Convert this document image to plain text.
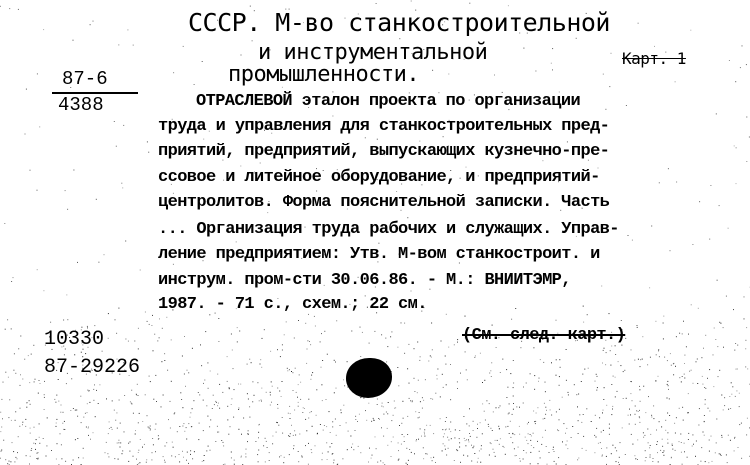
СССР. М-во станкостроительной
и инструментальной	Карт. 1
промышленности.
87-6
4388	ОТРАСЛЕВОЙ эталон проекта по организации
труда и управления для станкостроительных пред-
приятий, предприятий, выпускающих кузнечно-пре-
ссовое и литейное оборудование, и предприятий-
центролитов. Форма пояснительной записки. Часть
... Организация труда рабочих и служащих. Управ-
ление предприятием: Утв. М-вом станкострoит. и
инструм. пром-сти 30.06.86. - М.: ВНИИТЭМР,
1987. - 71 с., схем.; 22 см.
(См. след. карт.)
10330
87-29226
